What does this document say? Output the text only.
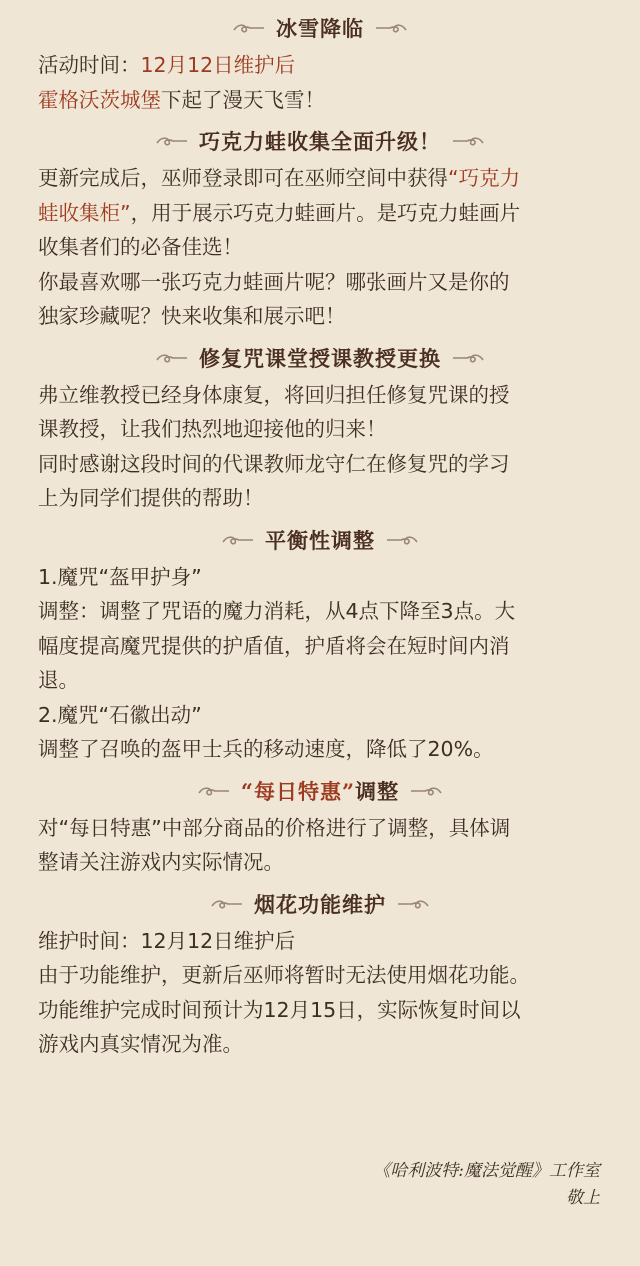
冰雪降临
活动时间：12月12日维护后
霍格沃茨城堡下起了漫天飞雪！
巧克力蛙收集全面升级！
更新完成后，巫师登录即可在巫师空间中获得“巧克力
蛙收集柜”，用于展示巧克力蛙画片。是巧克力蛙画片
收集者们的必备佳选！
你最喜欢哪一张巧克力蛙画片呢？哪张画片又是你的
独家珍藏呢？快来收集和展示吧！
修复咒课堂授课教授更换
弗立维教授已经身体康复，将回归担任修复咒课的授
课教授，让我们热烈地迎接他的归来！
同时感谢这段时间的代课教师龙守仁在修复咒的学习
上为同学们提供的帮助！
平衡性调整
1.魔咒“盔甲护身”
调整：调整了咒语的魔力消耗，从4点下降至3点。大
幅度提高魔咒提供的护盾值，护盾将会在短时间内消
退。
2.魔咒“石徽出动”
调整了召唤的盔甲士兵的移动速度，降低了20%。
“每日特惠”调整
对“每日特惠”中部分商品的价格进行了调整，具体调
整请关注游戏内实际情况。
烟花功能维护
维护时间：12月12日维护后
由于功能维护，更新后巫师将暂时无法使用烟花功能。
功能维护完成时间预计为12月15日，实际恢复时间以
游戏内真实情况为准。
《哈利波特:魔法觉醒》工作室
敬上
